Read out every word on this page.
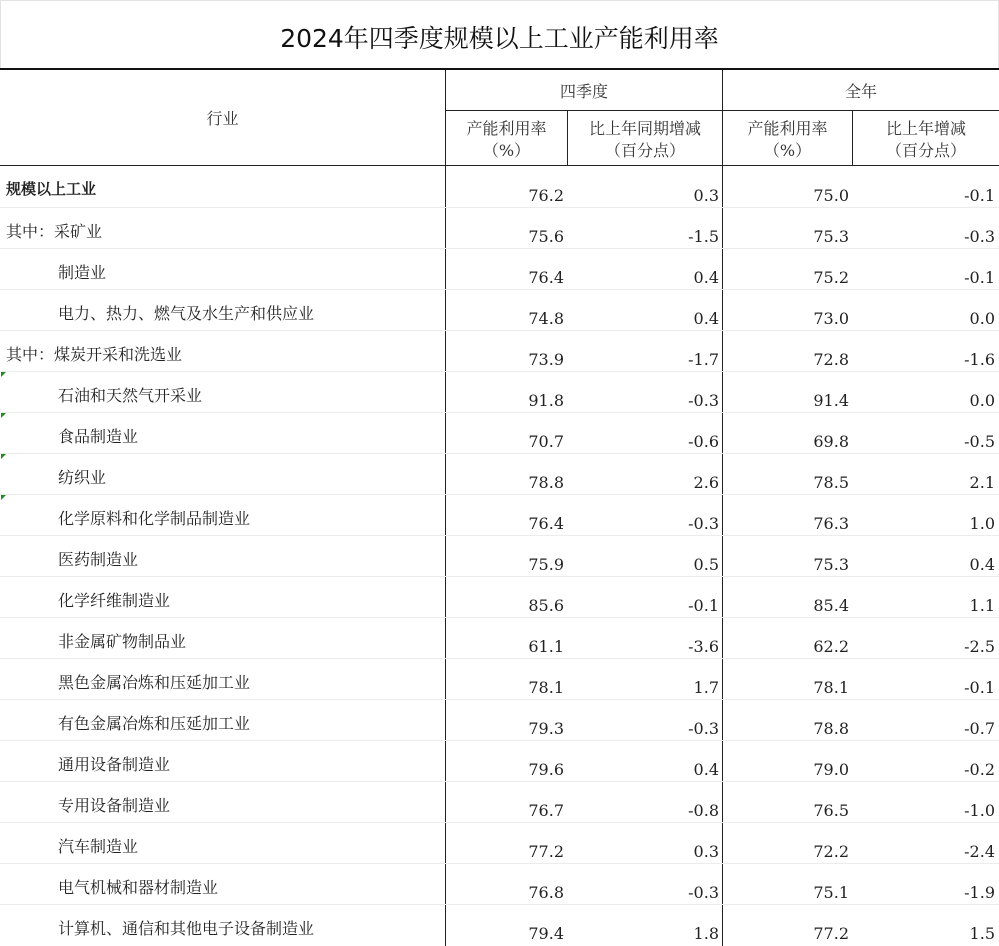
2024年四季度规模以上工业产能利用率
行业
四季度	全年
产能利用率
（%）
比上年同期增减
（百分点）
产能利用率
（%）
比上年增减
（百分点）
规模以上工业	76.2	0.3	75.0	-0.1
其中：采矿业	75.6	-1.5	75.3	-0.3
制造业	76.4	0.4	75.2	-0.1
电力、热力、燃气及水生产和供应业	74.8	0.4	73.0	0.0
其中：煤炭开采和洗选业	73.9	-1.7	72.8	-1.6
石油和天然气开采业	91.8	-0.3	91.4	0.0
食品制造业	70.7	-0.6	69.8	-0.5
纺织业	78.8	2.6	78.5	2.1
化学原料和化学制品制造业	76.4	-0.3	76.3	1.0
医药制造业	75.9	0.5	75.3	0.4
化学纤维制造业	85.6	-0.1	85.4	1.1
非金属矿物制品业	61.1	-3.6	62.2	-2.5
黑色金属冶炼和压延加工业	78.1	1.7	78.1	-0.1
有色金属冶炼和压延加工业	79.3	-0.3	78.8	-0.7
通用设备制造业	79.6	0.4	79.0	-0.2
专用设备制造业	76.7	-0.8	76.5	-1.0
汽车制造业	77.2	0.3	72.2	-2.4
电气机械和器材制造业	76.8	-0.3	75.1	-1.9
计算机、通信和其他电子设备制造业	79.4	1.8	77.2	1.5
